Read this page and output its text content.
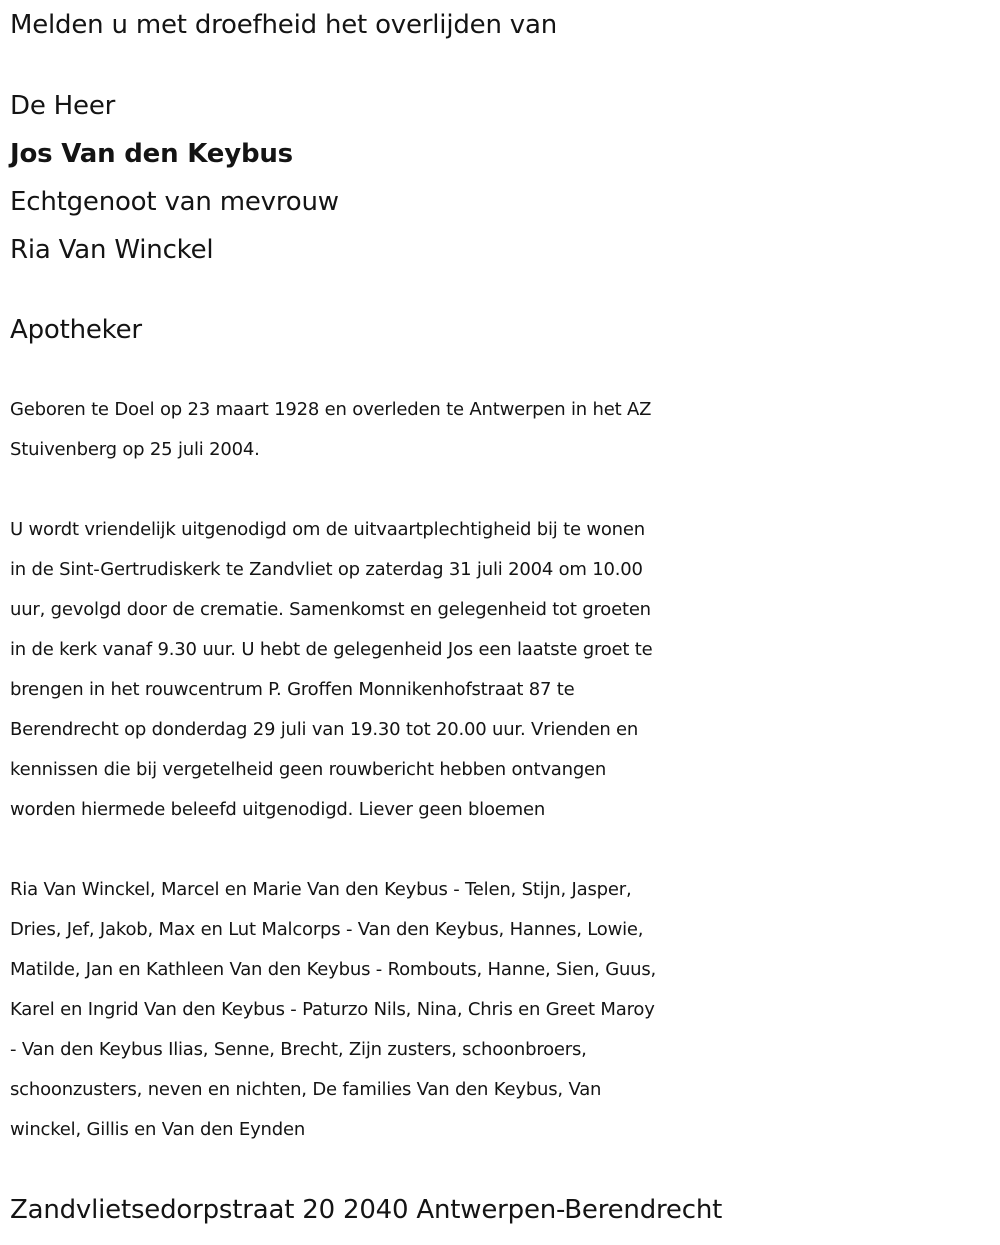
Melden u met droefheid het overlijden van
De Heer
Jos Van den Keybus
Echtgenoot van mevrouw
Ria Van Winckel
Apotheker
Geboren te Doel op 23 maart 1928 en overleden te Antwerpen in het AZ
Stuivenberg op 25 juli 2004.
U wordt vriendelijk uitgenodigd om de uitvaartplechtigheid bij te wonen
in de Sint-Gertrudiskerk te Zandvliet op zaterdag 31 juli 2004 om 10.00
uur, gevolgd door de crematie. Samenkomst en gelegenheid tot groeten
in de kerk vanaf 9.30 uur. U hebt de gelegenheid Jos een laatste groet te
brengen in het rouwcentrum P. Groffen Monnikenhofstraat 87 te
Berendrecht op donderdag 29 juli van 19.30 tot 20.00 uur. Vrienden en
kennissen die bij vergetelheid geen rouwbericht hebben ontvangen
worden hiermede beleefd uitgenodigd. Liever geen bloemen
Ria Van Winckel, Marcel en Marie Van den Keybus - Telen, Stijn, Jasper,
Dries, Jef, Jakob, Max en Lut Malcorps - Van den Keybus, Hannes, Lowie,
Matilde, Jan en Kathleen Van den Keybus - Rombouts, Hanne, Sien, Guus,
Karel en Ingrid Van den Keybus - Paturzo Nils, Nina, Chris en Greet Maroy
- Van den Keybus Ilias, Senne, Brecht, Zijn zusters, schoonbroers,
schoonzusters, neven en nichten, De families Van den Keybus, Van
winckel, Gillis en Van den Eynden
Zandvlietsedorpstraat 20 2040 Antwerpen-Berendrecht
